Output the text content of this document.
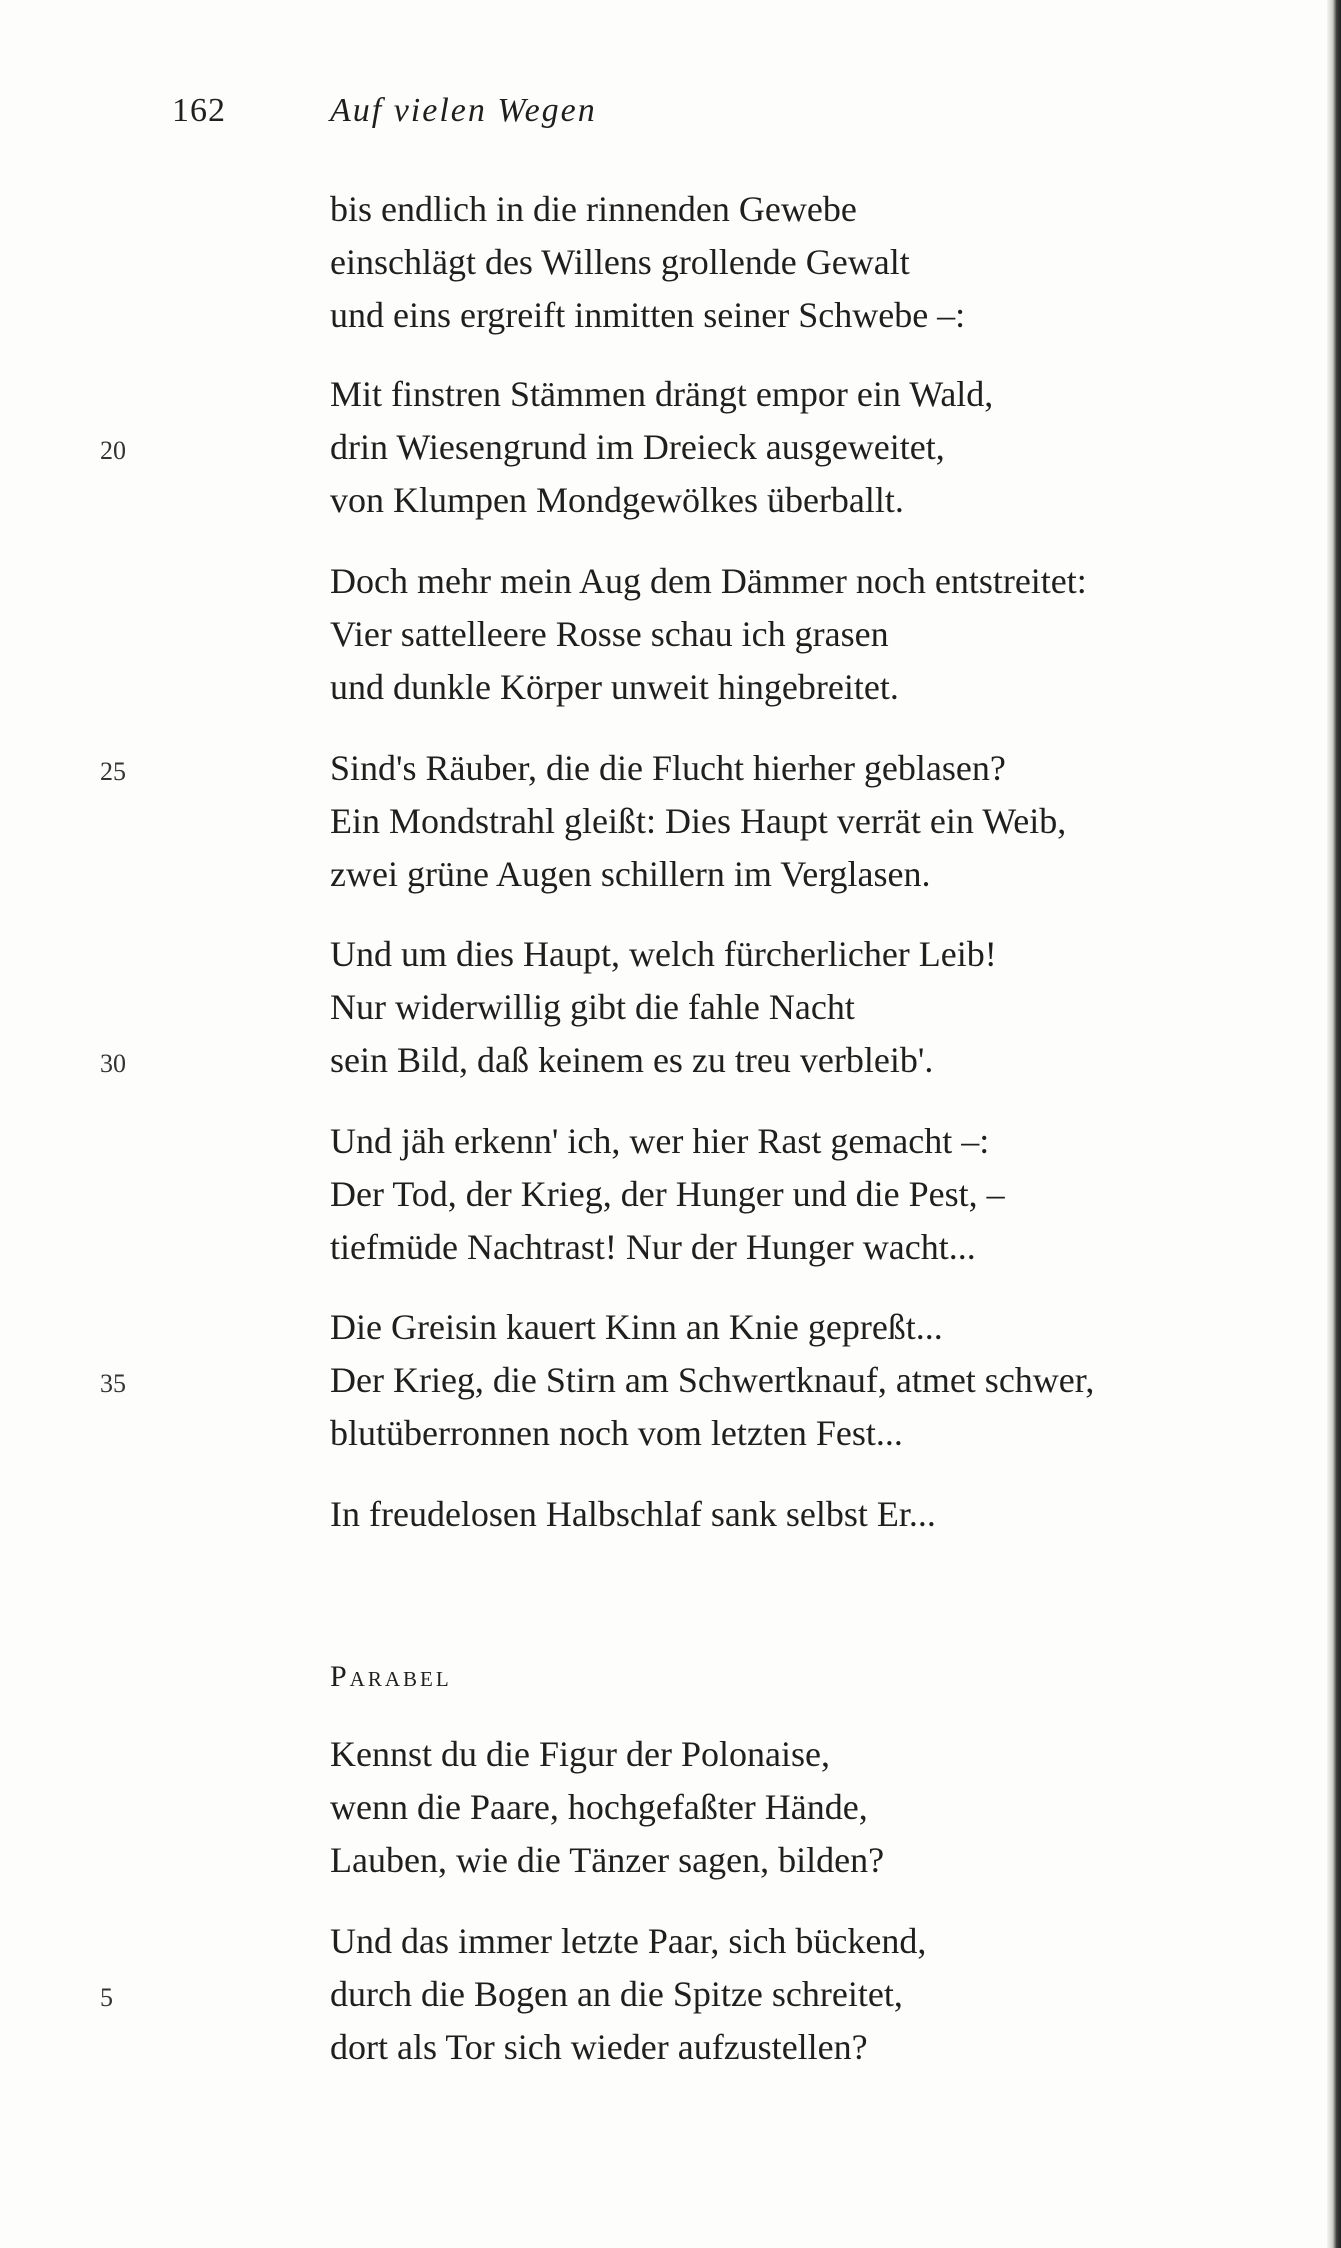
162	Auf vielen Wegen
bis endlich in die rinnenden Gewebe
einschlägt des Willens grollende Gewalt
und eins ergreift inmitten seiner Schwebe –:
Mit finstren Stämmen drängt empor ein Wald,
drin Wiesengrund im Dreieck ausgeweitet,
von Klumpen Mondgewölkes überballt.
Doch mehr mein Aug dem Dämmer noch entstreitet:
Vier sattelleere Rosse schau ich grasen
und dunkle Körper unweit hingebreitet.
Sind's Räuber, die die Flucht hierher geblasen?
Ein Mondstrahl gleißt: Dies Haupt verrät ein Weib,
zwei grüne Augen schillern im Verglasen.
Und um dies Haupt, welch fürcherlicher Leib!
Nur widerwillig gibt die fahle Nacht
sein Bild, daß keinem es zu treu verbleib'.
Und jäh erkenn' ich, wer hier Rast gemacht –:
Der Tod, der Krieg, der Hunger und die Pest, –
tiefmüde Nachtrast! Nur der Hunger wacht...
Die Greisin kauert Kinn an Knie gepreßt...
Der Krieg, die Stirn am Schwertknauf, atmet schwer,
blutüberronnen noch vom letzten Fest...
In freudelosen Halbschlaf sank selbst Er...
20
25
30
35
Parabel
Kennst du die Figur der Polonaise,
wenn die Paare, hochgefaßter Hände,
Lauben, wie die Tänzer sagen, bilden?
Und das immer letzte Paar, sich bückend,
durch die Bogen an die Spitze schreitet,
dort als Tor sich wieder aufzustellen?
5
